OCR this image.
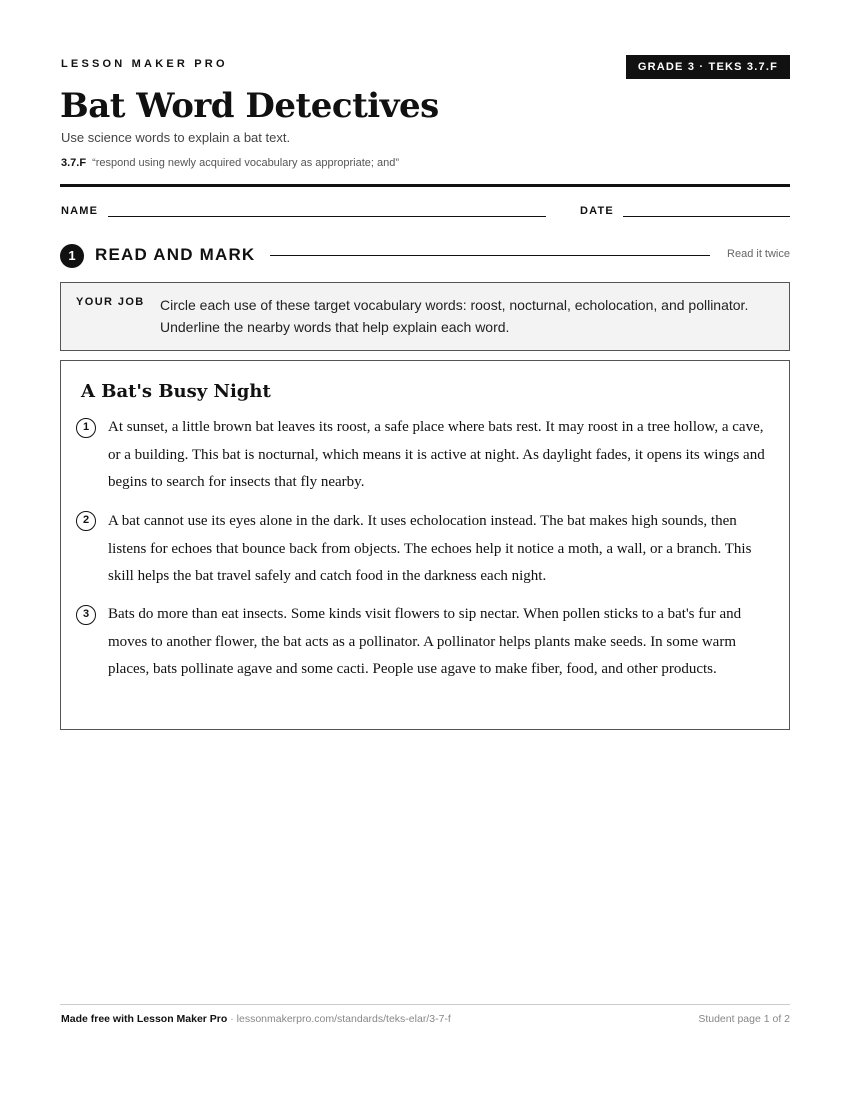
LESSON MAKER PRO	GRADE 3 · TEKS 3.7.F
Bat Word Detectives
Use science words to explain a bat text.
3.7.F “respond using newly acquired vocabulary as appropriate; and”
NAME	DATE
1	READ AND MARK	Read it twice
YOUR JOB Circle each use of these target vocabulary words: roost, nocturnal, echolocation, and pollinator. Underline the nearby words that help explain each word.
A Bat's Busy Night
1	At sunset, a little brown bat leaves its roost, a safe place where bats rest. It may roost in a tree hollow, a cave, or a building. This bat is nocturnal, which means it is active at night. As daylight fades, it opens its wings and begins to search for insects that fly nearby.

2	A bat cannot use its eyes alone in the dark. It uses echolocation instead. The bat makes high sounds, then listens for echoes that bounce back from objects. The echoes help it notice a moth, a wall, or a branch. This skill helps the bat travel safely and catch food in the darkness each night.

3	Bats do more than eat insects. Some kinds visit flowers to sip nectar. When pollen sticks to a bat's fur and moves to another flower, the bat acts as a pollinator. A pollinator helps plants make seeds. In some warm places, bats pollinate agave and some cacti. People use agave to make fiber, food, and other products.

Made free with Lesson Maker Pro · lessonmakerpro.com/standards/teks-elar/3-7-f	Student page 1 of 2
